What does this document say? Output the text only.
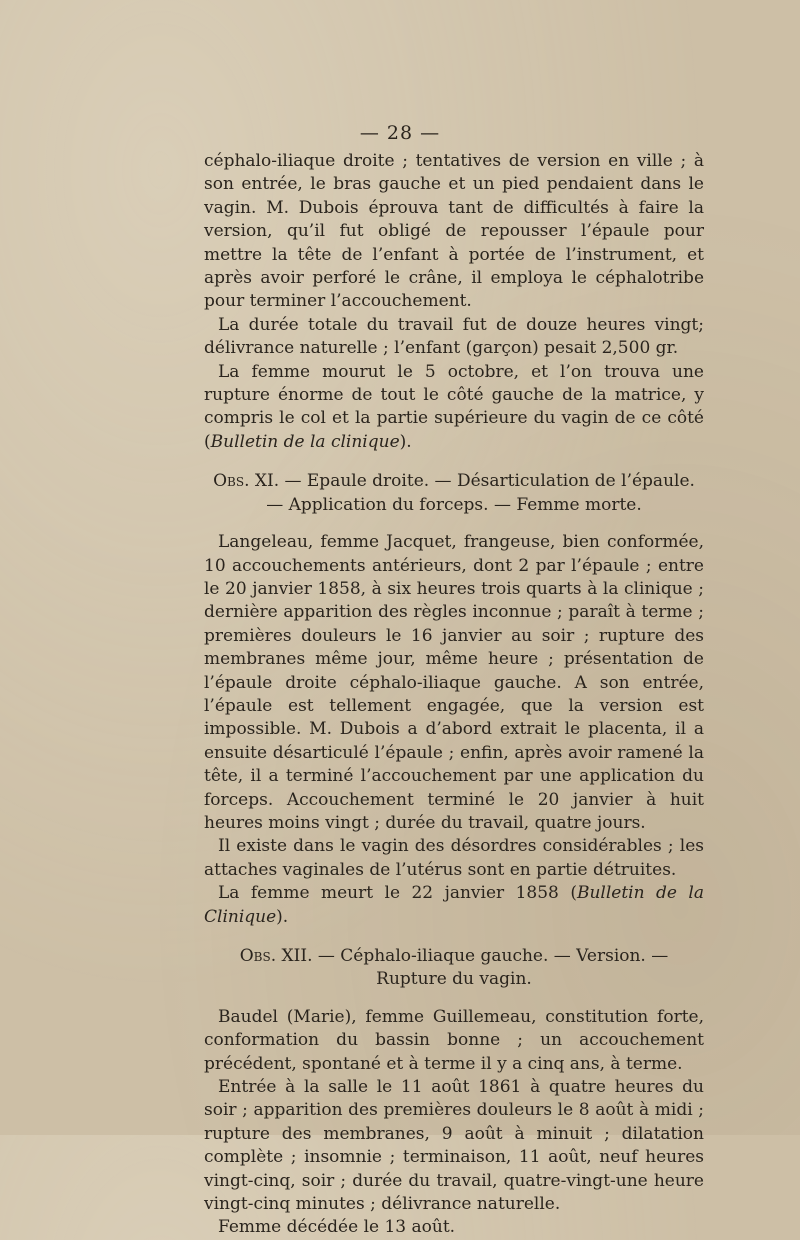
— 28 —

céphalo-iliaque droite ; tentatives de version en ville ; à son entrée, le bras gauche et un pied pendaient dans le vagin. M. Dubois éprouva tant de difficultés à faire la version, qu’il fut obligé de repousser l’épaule pour mettre la tête de l’enfant à portée de l’instrument, et après avoir perforé le crâne, il employa le céphalotribe pour terminer l’accouchement.

La durée totale du travail fut de douze heures vingt; délivrance naturelle ; l’enfant (garçon) pesait 2,500 gr.

La femme mourut le 5 octobre, et l’on trouva une rupture énorme de tout le côté gauche de la matrice, y compris le col et la partie supérieure du vagin de ce côté (Bulletin de la clinique).

Obs. XI. — Epaule droite. — Désarticulation de l’épaule. — Application du forceps. — Femme morte.

Langeleau, femme Jacquet, frangeuse, bien conformée, 10 accouchements antérieurs, dont 2 par l’épaule ; entre le 20 janvier 1858, à six heures trois quarts à la clinique ; dernière apparition des règles inconnue ; paraît à terme ; premières douleurs le 16 janvier au soir ; rupture des membranes même jour, même heure ; présentation de l’épaule droite céphalo-iliaque gauche. A son entrée, l’épaule est tellement engagée, que la version est impossible. M. Dubois a d’abord extrait le placenta, il a ensuite désarticulé l’épaule ; enfin, après avoir ramené la tête, il a terminé l’accouchement par une application du forceps. Accouchement terminé le 20 janvier à huit heures moins vingt ; durée du travail, quatre jours.

Il existe dans le vagin des désordres considérables ; les attaches vaginales de l’utérus sont en partie détruites.

La femme meurt le 22 janvier 1858 (Bulletin de la Clinique).

Obs. XII. — Céphalo-iliaque gauche. — Version. — Rupture du vagin.

Baudel (Marie), femme Guillemeau, constitution forte, conformation du bassin bonne ; un accouchement précédent, spontané et à terme il y a cinq ans, à terme.

Entrée à la salle le 11 août 1861 à quatre heures du soir ; apparition des premières douleurs le 8 août à midi ; rupture des membranes, 9 août à minuit ; dilatation complète ; insomnie ; terminaison, 11 août, neuf heures vingt-cinq, soir ; durée du travail, quatre-vingt-une heure vingt-cinq minutes ; délivrance naturelle.

Femme décédée le 13 août.
